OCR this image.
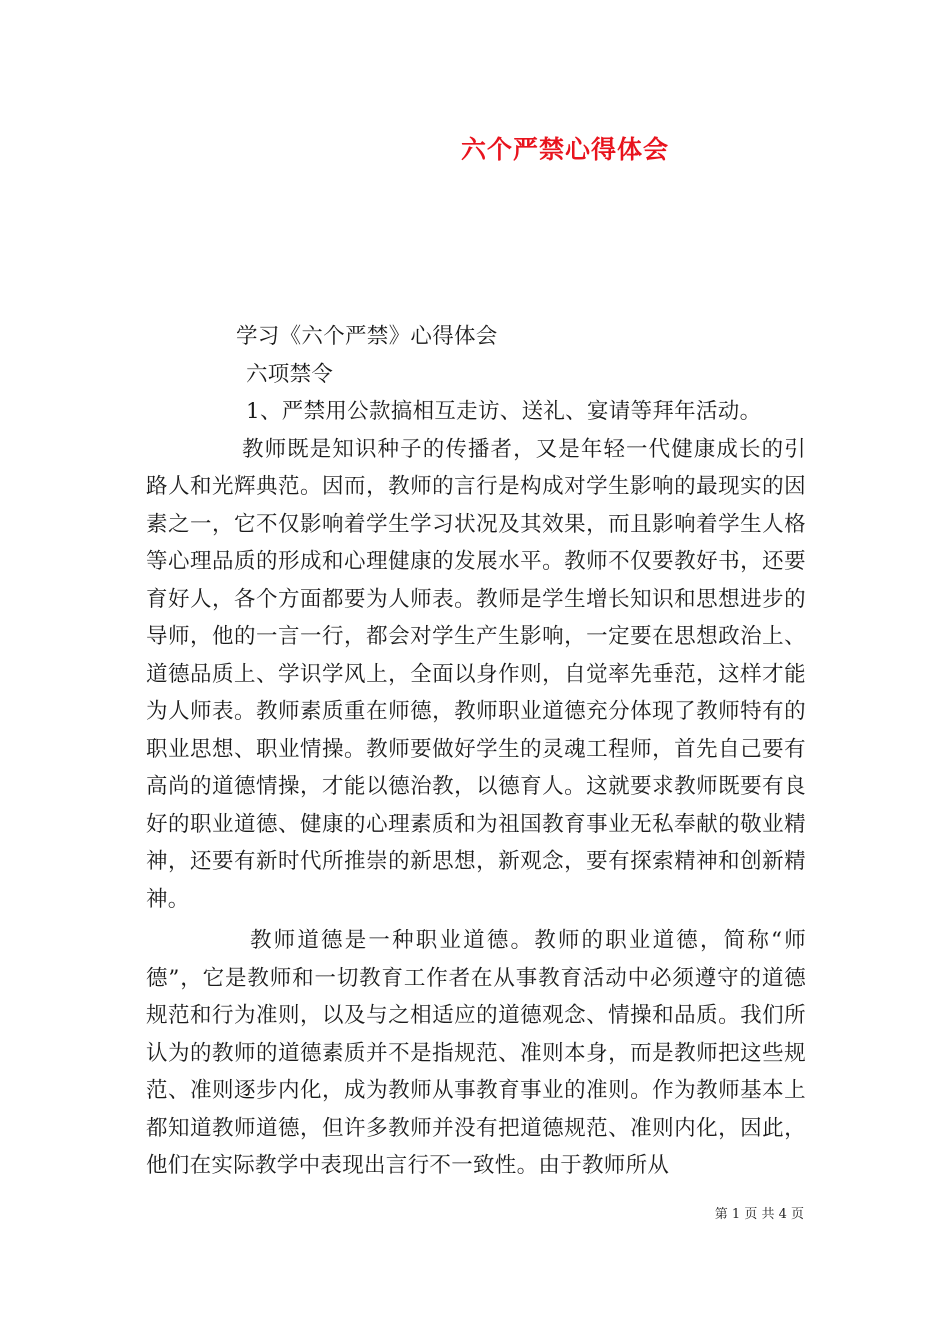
六个严禁心得体会

学习《六个严禁》心得体会

六项禁令

1、严禁用公款搞相互走访、送礼、宴请等拜年活动。

教师既是知识种子的传播者，又是年轻一代健康成长的引路人和光辉典范。因而，教师的言行是构成对学生影响的最现实的因素之一，它不仅影响着学生学习状况及其效果，而且影响着学生人格等心理品质的形成和心理健康的发展水平。教师不仅要教好书，还要育好人，各个方面都要为人师表。教师是学生增长知识和思想进步的导师，他的一言一行，都会对学生产生影响，一定要在思想政治上、道德品质上、学识学风上，全面以身作则，自觉率先垂范，这样才能为人师表。教师素质重在师德，教师职业道德充分体现了教师特有的职业思想、职业情操。教师要做好学生的灵魂工程师，首先自己要有高尚的道德情操，才能以德治教，以德育人。这就要求教师既要有良好的职业道德、健康的心理素质和为祖国教育事业无私奉献的敬业精神，还要有新时代所推崇的新思想，新观念，要有探索精神和创新精神。

教师道德是一种职业道德。教师的职业道德，简称“师德”，它是教师和一切教育工作者在从事教育活动中必须遵守的道德规范和行为准则，以及与之相适应的道德观念、情操和品质。我们所认为的教师的道德素质并不是指规范、准则本身，而是教师把这些规范、准则逐步内化，成为教师从事教育事业的准则。作为教师基本上都知道教师道德，但许多教师并没有把道德规范、准则内化，因此，他们在实际教学中表现出言行不一致性。由于教师所从

第 1 页 共 4 页
